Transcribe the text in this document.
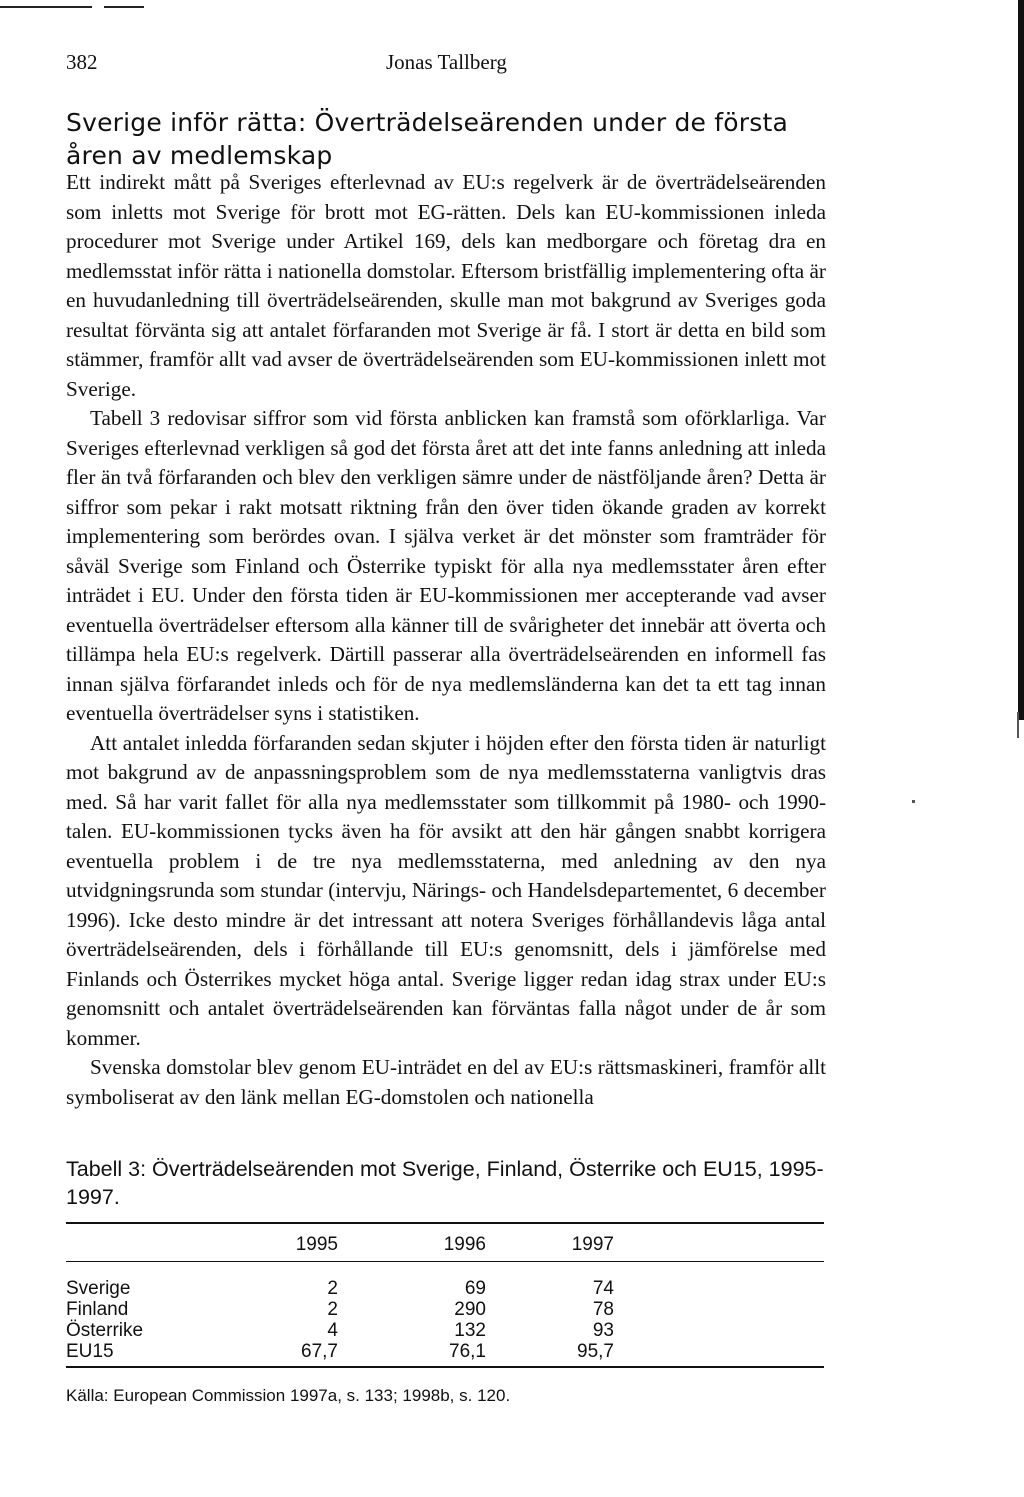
382	Jonas Tallberg
Sverige inför rätta: Överträdelseärenden under de första åren av medlemskap

Ett indirekt mått på Sveriges efterlevnad av EU:s regelverk är de överträdelseärenden som inletts mot Sverige för brott mot EG-rätten. Dels kan EU-kommissionen inleda procedurer mot Sverige under Artikel 169, dels kan medborgare och företag dra en medlemsstat inför rätta i nationella domstolar. Eftersom bristfällig implementering ofta är en huvudanledning till överträdelseärenden, skulle man mot bakgrund av Sveriges goda resultat förvänta sig att antalet förfaranden mot Sverige är få. I stort är detta en bild som stämmer, framför allt vad avser de överträdelseärenden som EU-kommissionen inlett mot Sverige.

Tabell 3 redovisar siffror som vid första anblicken kan framstå som oförklarliga. Var Sveriges efterlevnad verkligen så god det första året att det inte fanns anledning att inleda fler än två förfaranden och blev den verkligen sämre under de nästföljande åren? Detta är siffror som pekar i rakt motsatt riktning från den över tiden ökande graden av korrekt implementering som berördes ovan. I själva verket är det mönster som framträder för såväl Sverige som Finland och Österrike typiskt för alla nya medlemsstater åren efter inträdet i EU. Under den första tiden är EU-kommissionen mer accepterande vad avser eventuella överträdelser eftersom alla känner till de svårigheter det innebär att överta och tillämpa hela EU:s regelverk. Därtill passerar alla överträdelseärenden en informell fas innan själva förfarandet inleds och för de nya medlemsländerna kan det ta ett tag innan eventuella överträdelser syns i statistiken.

Att antalet inledda förfaranden sedan skjuter i höjden efter den första tiden är naturligt mot bakgrund av de anpassningsproblem som de nya medlemsstaterna vanligtvis dras med. Så har varit fallet för alla nya medlemsstater som tillkommit på 1980- och 1990-talen. EU-kommissionen tycks även ha för avsikt att den här gången snabbt korrigera eventuella problem i de tre nya medlemsstaterna, med anledning av den nya utvidgningsrunda som stundar (intervju, Närings- och Handelsdepartementet, 6 december 1996). Icke desto mindre är det intressant att notera Sveriges förhållandevis låga antal överträdelseärenden, dels i förhållande till EU:s genomsnitt, dels i jämförelse med Finlands och Österrikes mycket höga antal. Sverige ligger redan idag strax under EU:s genomsnitt och antalet överträdelseärenden kan förväntas falla något under de år som kommer.

Svenska domstolar blev genom EU-inträdet en del av EU:s rättsmaskineri, framför allt symboliserat av den länk mellan EG-domstolen och nationella

Tabell 3: Överträdelseärenden mot Sverige, Finland, Österrike och EU15, 1995-1997.
	1995	1996	1997	
Sverige	2	69	74	
Finland	2	290	78	
Österrike	4	132	93	
EU15	67,7	76,1	95,7	
Källa: European Commission 1997a, s. 133; 1998b, s. 120.
